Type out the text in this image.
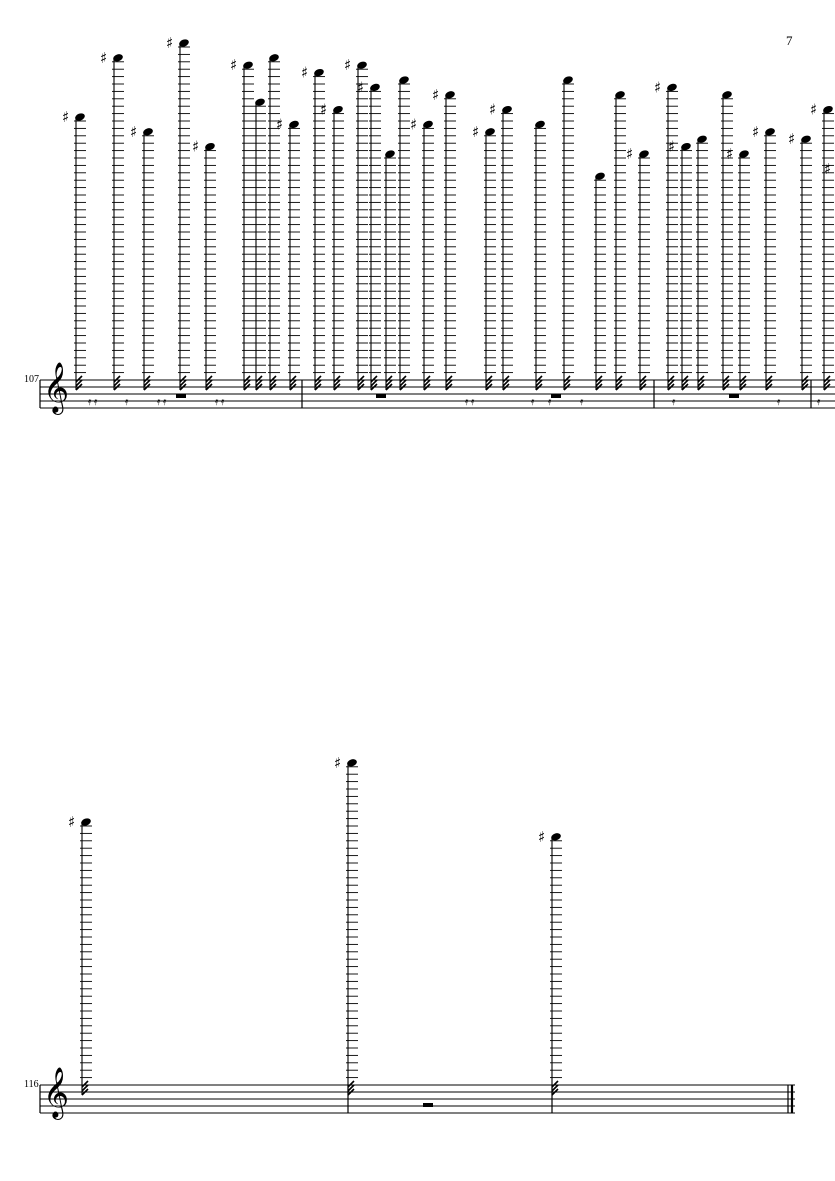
7
107
116
𝄞 𝄿 𝄿	𝄿	𝄿 𝄿	𝄿 𝄿	𝄿 𝄿	𝄿 𝄿	𝄿	𝄿	𝄿	𝄿
♯
♯
♯
♯
♯
♯
♯
♯
♯
♯
♯
♯
♯
♯
♯
♯
♯
♯	♯
♯ ♯
♯
♯
𝄞
♯
♯
♯
